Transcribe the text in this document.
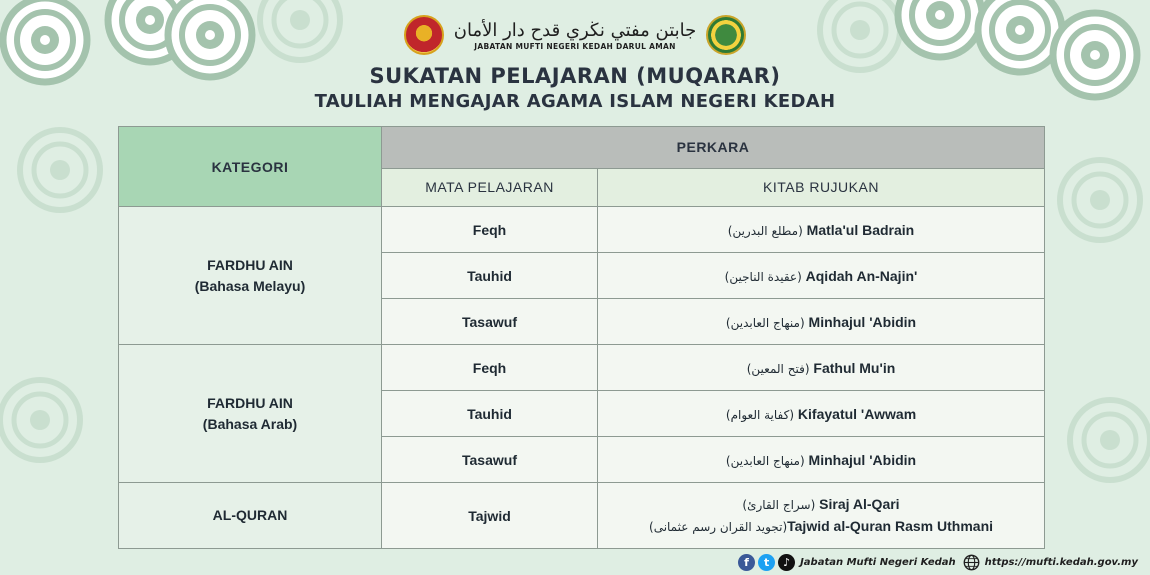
جابتن مفتي نڬري قدح دار الأمان
JABATAN MUFTI NEGERI KEDAH DARUL AMAN
SUKATAN PELAJARAN (MUQARAR)
TAULIAH MENGAJAR AGAMA ISLAM NEGERI KEDAH
KATEGORI	PERKARA	
	MATA PELAJARAN	KITAB RUJUKAN

FARDHU AIN
(Bahasa Melayu)	Feqh	(مطلع البدرين) Matla'ul Badrain
	Tauhid	(عقيدة الناجين) Aqidah An-Najin'
	Tasawuf	(منهاج العابدين) Minhajul 'Abidin

FARDHU AIN
(Bahasa Arab)	Feqh	(فتح المعين) Fathul Mu'in
	Tauhid	(كفاية العوام) Kifayatul 'Awwam
	Tasawuf	(منهاج العابدين) Minhajul 'Abidin

AL-QURAN	Tajwid	(سراج القارئ) Siraj Al-Qari
(تجويد القران رسم عثمانى)Tajwid al-Quran Rasm Uthmani
f	t	♪ Jabatan Mufti Negeri Kedah	https://mufti.kedah.gov.my
